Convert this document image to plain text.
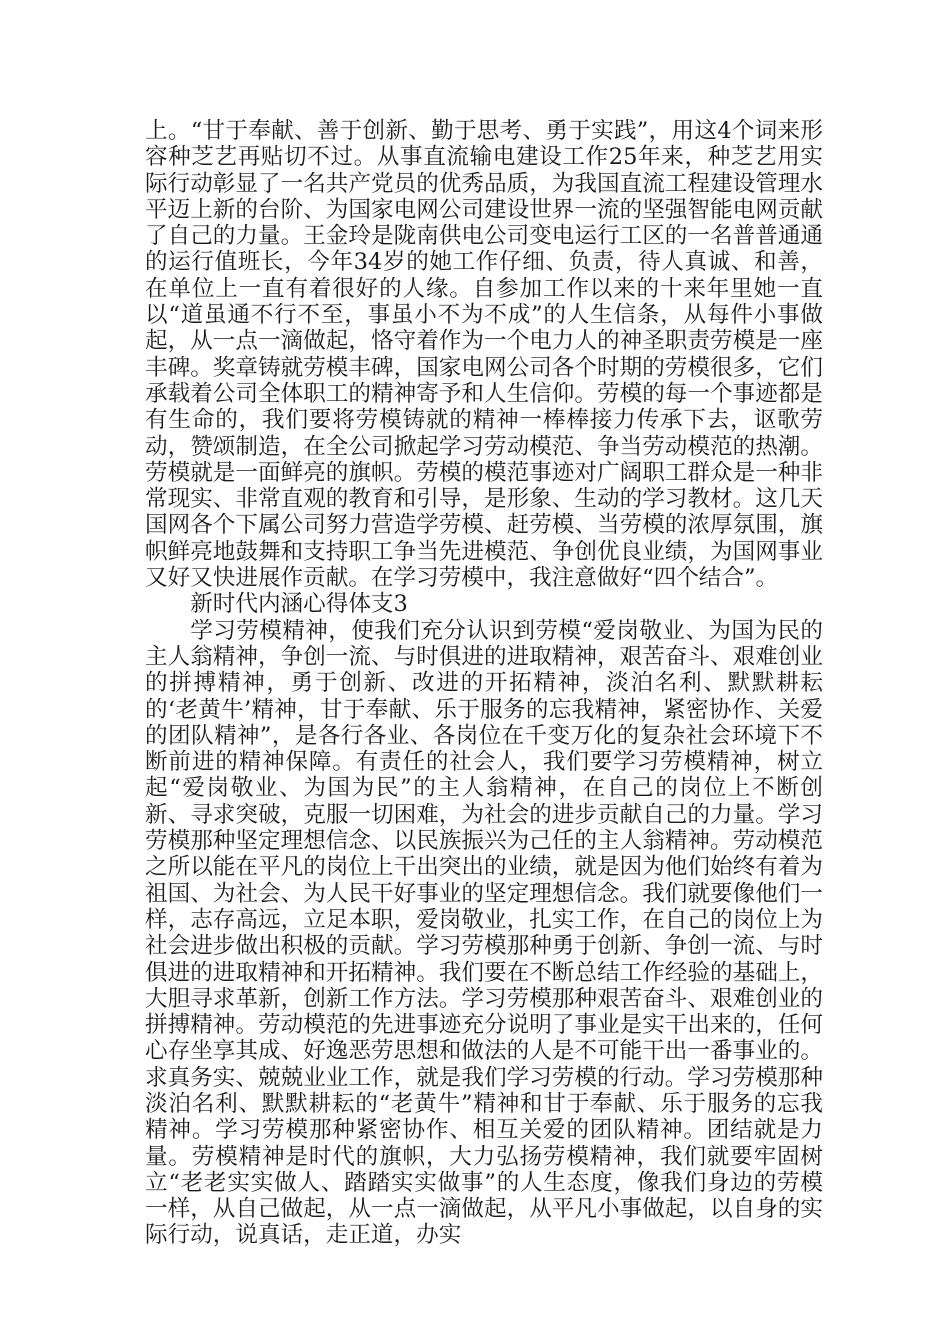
上。“甘于奉献、善于创新、勤于思考、勇于实践”，用这4个词来形容种芝艺再贴切不过。从事直流输电建设工作25年来，种芝艺用实际行动彰显了一名共产党员的优秀品质，为我国直流工程建设管理水平迈上新的台阶、为国家电网公司建设世界一流的坚强智能电网贡献了自己的力量。王金玲是陇南供电公司变电运行工区的一名普普通通的运行值班长，今年34岁的她工作仔细、负责，待人真诚、和善，在单位上一直有着很好的人缘。自参加工作以来的十来年里她一直以“道虽通不行不至，事虽小不为不成”的人生信条，从每件小事做起，从一点一滴做起，恪守着作为一个电力人的神圣职责劳模是一座丰碑。奖章铸就劳模丰碑，国家电网公司各个时期的劳模很多，它们承载着公司全体职工的精神寄予和人生信仰。劳模的每一个事迹都是有生命的，我们要将劳模铸就的精神一棒棒接力传承下去，讴歌劳动，赞颂制造，在全公司掀起学习劳动模范、争当劳动模范的热潮。劳模就是一面鲜亮的旗帜。劳模的模范事迹对广阔职工群众是一种非常现实、非常直观的教育和引导，是形象、生动的学习教材。这几天国网各个下属公司努力营造学劳模、赶劳模、当劳模的浓厚氛围，旗帜鲜亮地鼓舞和支持职工争当先进模范、争创优良业绩，为国网事业又好又快进展作贡献。在学习劳模中，我注意做好“四个结合”。

新时代内涵心得体支3

学习劳模精神，使我们充分认识到劳模“爱岗敬业、为国为民的主人翁精神，争创一流、与时俱进的进取精神，艰苦奋斗、艰难创业的拼搏精神，勇于创新、改进的开拓精神，淡泊名利、默默耕耘的‘老黄牛’精神，甘于奉献、乐于服务的忘我精神，紧密协作、关爱的团队精神”，是各行各业、各岗位在千变万化的复杂社会环境下不断前进的精神保障。有责任的社会人，我们要学习劳模精神，树立起“爱岗敬业、为国为民”的主人翁精神，在自己的岗位上不断创新、寻求突破，克服一切困难，为社会的进步贡献自己的力量。学习劳模那种坚定理想信念、以民族振兴为己任的主人翁精神。劳动模范之所以能在平凡的岗位上干出突出的业绩，就是因为他们始终有着为祖国、为社会、为人民干好事业的坚定理想信念。我们就要像他们一样，志存高远，立足本职，爱岗敬业，扎实工作，在自己的岗位上为社会进步做出积极的贡献。学习劳模那种勇于创新、争创一流、与时俱进的进取精神和开拓精神。我们要在不断总结工作经验的基础上，大胆寻求革新，创新工作方法。学习劳模那种艰苦奋斗、艰难创业的拼搏精神。劳动模范的先进事迹充分说明了事业是实干出来的，任何心存坐享其成、好逸恶劳思想和做法的人是不可能干出一番事业的。求真务实、兢兢业业工作，就是我们学习劳模的行动。学习劳模那种淡泊名利、默默耕耘的“老黄牛”精神和甘于奉献、乐于服务的忘我精神。学习劳模那种紧密协作、相互关爱的团队精神。团结就是力量。劳模精神是时代的旗帜，大力弘扬劳模精神，我们就要牢固树立“老老实实做人、踏踏实实做事”的人生态度，像我们身边的劳模一样，从自己做起，从一点一滴做起，从平凡小事做起，以自身的实际行动，说真话，走正道，办实
